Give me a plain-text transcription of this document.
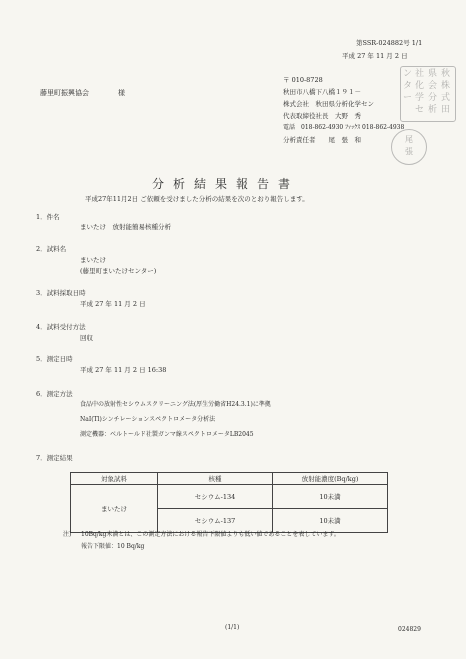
第SSR-024882号 1/1
平成 27 年 11 月 2 日
藤里町振興協会	様
〒 010-8728
秋田市八橋下八橋１９１－
株式会社　秋田県分析化学セン
代表取締役社長　大野　秀
電話　018-862-4930 ﾌｧｯｸｽ 018-862-4938
分析責任者　　尾　張　和
秋
株
式
田
県
会
分
析
社
化
学
セ
ン
タ
ー
尾
張
分析結果報告書
平成27年11月2日 ご依頼を受けました分析の結果を次のとおり報告します。
1．件名
まいたけ　放射能簡易核種分析
2．試料名
まいたけ
(藤里町まいたけセンター)
3．試料採取日時
平成 27 年 11 月 2 日
4．試料受付方法
回収
5．測定日時
平成 27 年 11 月 2 日 16:38
6．測定方法
食品中の放射性セシウムスクリーニング法(厚生労働省H24.3.1)に準拠
NaI(Tl)シンチレーションスペクトロメータ分析法
測定機器：ベルトールド社製ガンマ線スペクトロメータLB2045
7．測定結果
対象試料	核種	放射能濃度(Bq/kg)
まいたけ	セシウム-134	10未満
	セシウム-137	10未満
注) 10Bq/kg未満とは、この測定方法における報告下限値よりも低い値であることを表しています。
報告下限値：10 Bq/kg
(1/1)	024829
